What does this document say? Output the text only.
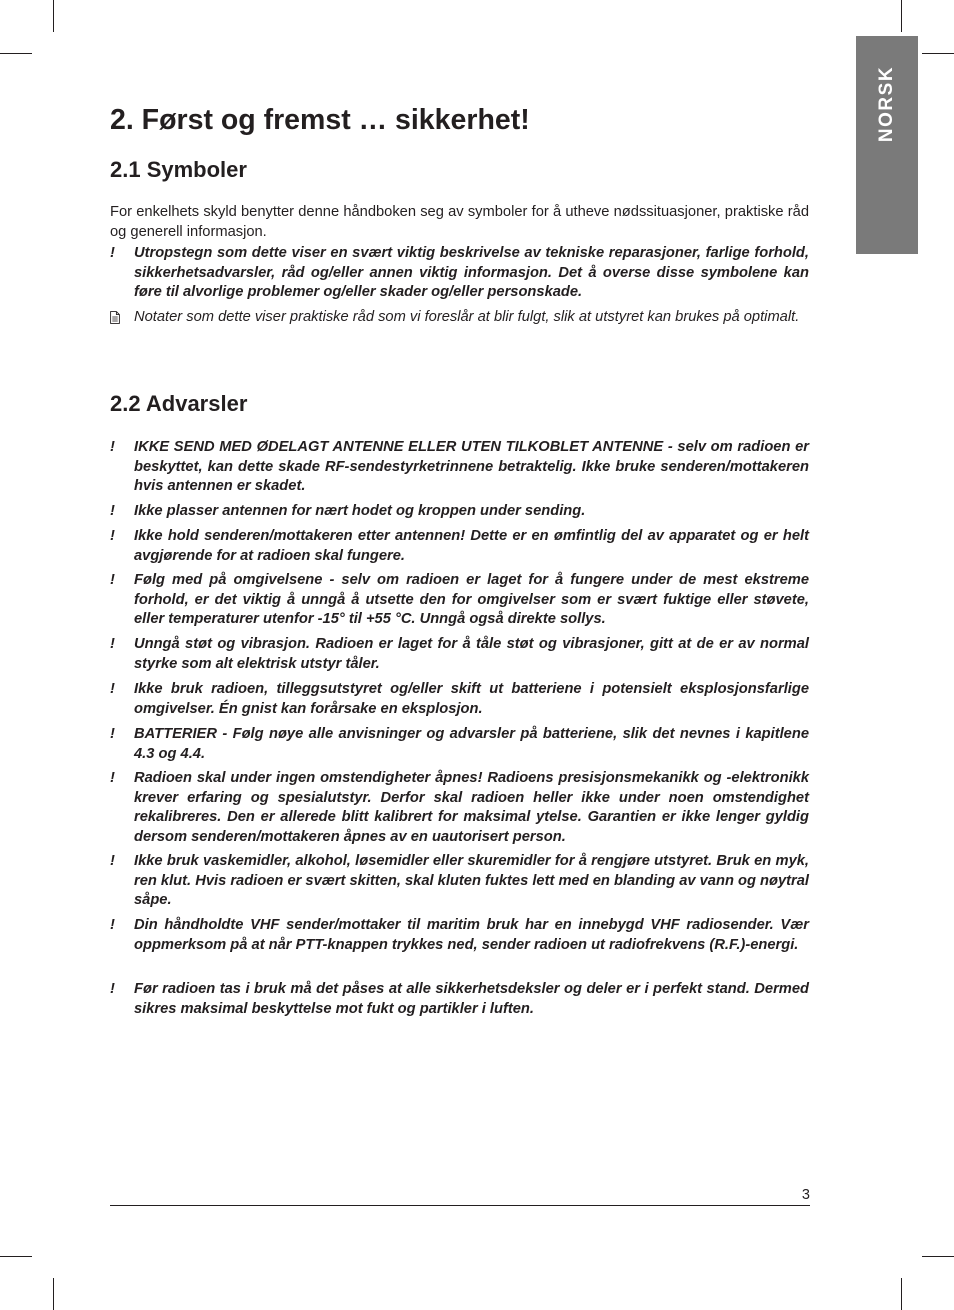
NORSK
2. Først og fremst … sikkerhet!
2.1 Symboler

For enkelhets skyld benytter denne håndboken seg av symboler for å utheve nødssituasjoner, praktiske råd og generell informasjon.

!	Utropstegn som dette viser en svært viktig beskrivelse av tekniske reparasjoner, farlige forhold, sikkerhetsadvarsler, råd og/eller annen viktig informasjon. Det å overse disse symbolene kan føre til alvorlige problemer og/eller skader og/eller personskade.
Notater som dette viser praktiske råd som vi foreslår at blir fulgt, slik at utstyret kan brukes på optimalt.
2.2 Advarsler
!	IKKE SEND MED ØDELAGT ANTENNE ELLER UTEN TILKOBLET ANTENNE - selv om radioen er beskyttet, kan dette skade RF-sendestyrketrinnene betraktelig. Ikke bruke senderen/mottakeren hvis antennen er skadet.
!	Ikke plasser antennen for nært hodet og kroppen under sending.
!	Ikke hold senderen/mottakeren etter antennen! Dette er en ømfintlig del av apparatet og er helt avgjørende for at radioen skal fungere.
!	Følg med på omgivelsene - selv om radioen er laget for å fungere under de mest ekstreme forhold, er det viktig å unngå å utsette den for omgivelser som er svært fuktige eller støvete, eller temperaturer utenfor -15° til +55 °C. Unngå også direkte sollys.
!	Unngå støt og vibrasjon. Radioen er laget for å tåle støt og vibrasjoner, gitt at de er av normal styrke som alt elektrisk utstyr tåler.
!	Ikke bruk radioen, tilleggsutstyret og/eller skift ut batteriene i potensielt eksplosjonsfarlige omgivelser. Én gnist kan forårsake en eksplosjon.
!	BATTERIER - Følg nøye alle anvisninger og advarsler på batteriene, slik det nevnes i kapitlene 4.3 og 4.4.
!	Radioen skal under ingen omstendigheter åpnes! Radioens presisjonsmekanikk og -elektronikk krever erfaring og spesialutstyr. Derfor skal radioen heller ikke under noen omstendighet rekalibreres. Den er allerede blitt kalibrert for maksimal ytelse. Garantien er ikke lenger gyldig dersom senderen/mottakeren åpnes av en uautorisert person.
!	Ikke bruk vaskemidler, alkohol, løsemidler eller skuremidler for å rengjøre utstyret. Bruk en myk, ren klut. Hvis radioen er svært skitten, skal kluten fuktes lett med en blanding av vann og nøytral såpe.
!	Din håndholdte VHF sender/mottaker til maritim bruk har en innebygd VHF radiosender. Vær oppmerksom på at når PTT-knappen trykkes ned, sender radioen ut radiofrekvens (R.F.)-energi.
!	Før radioen tas i bruk må det påses at alle sikkerhetsdeksler og deler er i perfekt stand. Dermed sikres maksimal beskyttelse mot fukt og partikler i luften.
3
